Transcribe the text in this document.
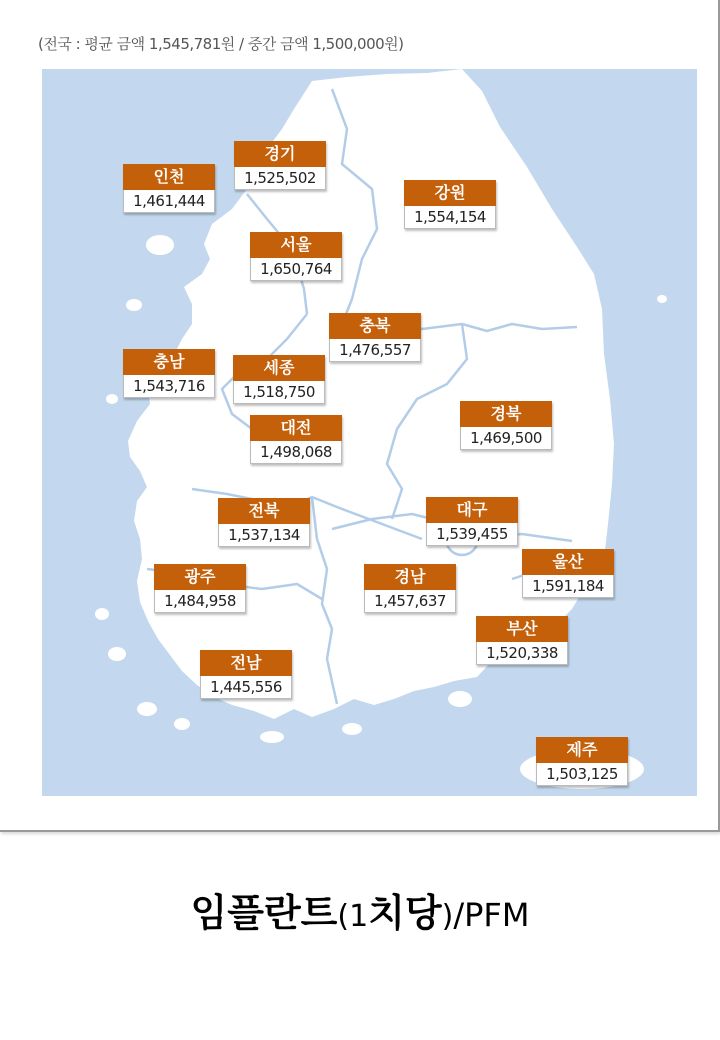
(전국 : 평균 금액 1,545,781원 / 중간 금액 1,500,000원)
경기
1,525,502
인천
1,461,444	강원
1,554,154
서울
1,650,764
충북
1,476,557
충남
1,543,716
세종
1,518,750
대전
1,498,068
경북
1,469,500
전북
1,537,134
대구
1,539,455
울산
1,591,184
광주
1,484,958
경남
1,457,637
부산
1,520,338
전남
1,445,556
제주
1,503,125
임플란트(1치당)/PFM
